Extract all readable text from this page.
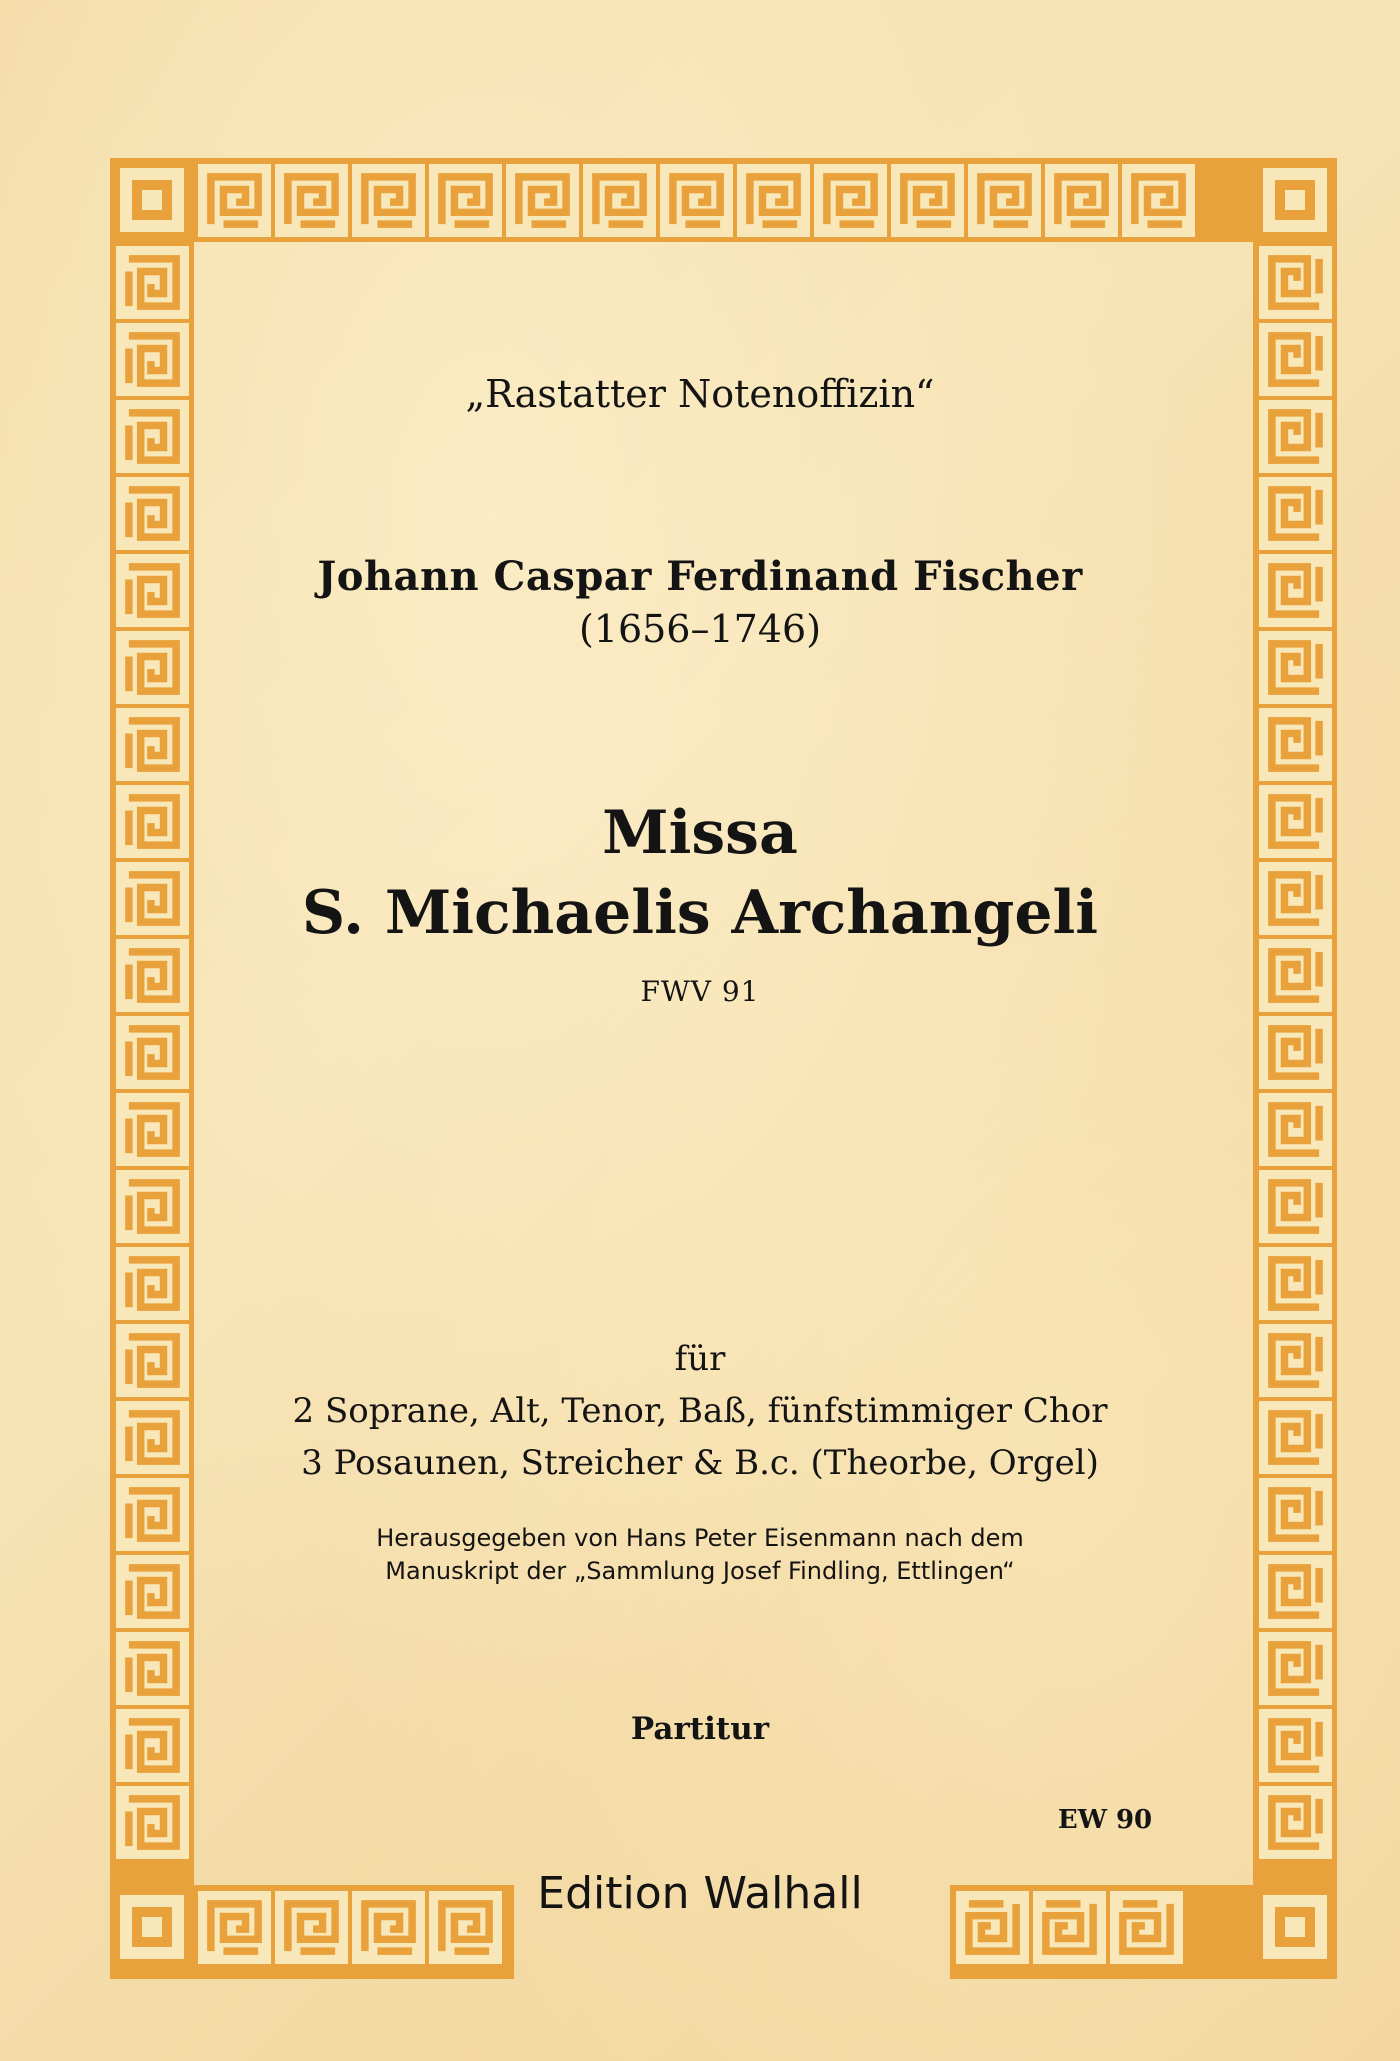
„Rastatter Notenoffizin“

Johann Caspar Ferdinand Fischer

(1656–1746)

Missa

S. Michaelis Archangeli

FWV 91

für

2 Soprane, Alt, Tenor, Baß, fünfstimmiger Chor

3 Posaunen, Streicher & B.c. (Theorbe, Orgel)

Herausgegeben von Hans Peter Eisenmann nach dem

Manuskript der „Sammlung Josef Findling, Ettlingen“

Partitur

EW 90

Edition Walhall
